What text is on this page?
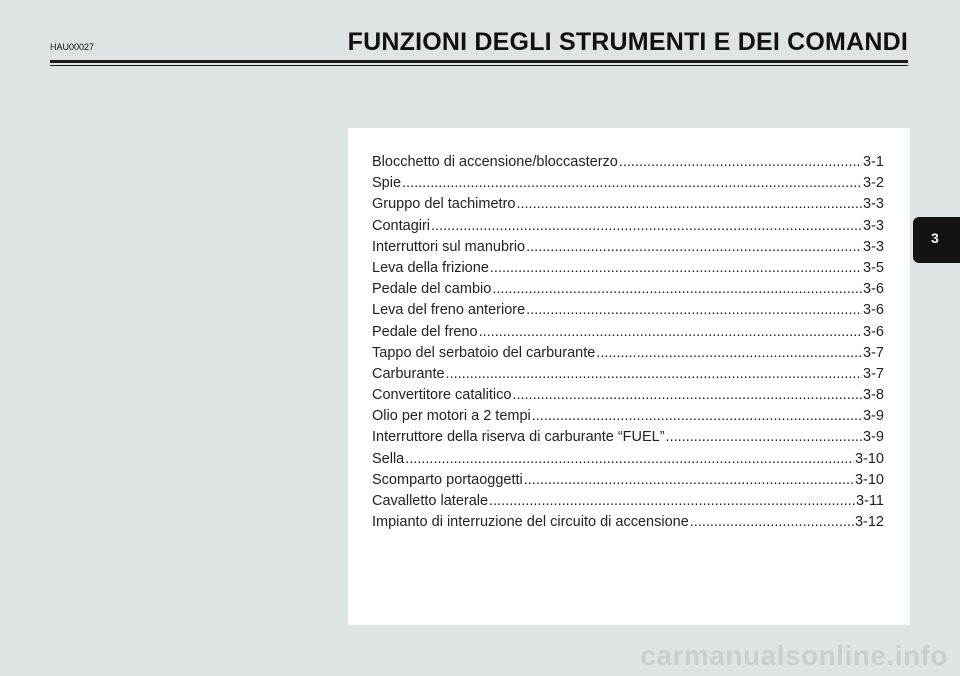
HAU00027	FUNZIONI DEGLI STRUMENTI E DEI COMANDI
Blocchetto di accensione/bloccasterzo .....	3-1
Spie .....	3-2
Gruppo del tachimetro .....	3-3
Contagiri .....	3-3
Interruttori sul manubrio .....	3-3
Leva della frizione .....	3-5
Pedale del cambio .....	3-6
Leva del freno anteriore .....	3-6
Pedale del freno .....	3-6
Tappo del serbatoio del carburante .....	3-7
Carburante .....	3-7
Convertitore catalitico .....	3-8
Olio per motori a 2 tempi .....	3-9
Interruttore della riserva di carburante “FUEL” .....	3-9
Sella .....	3-10
Scomparto portaoggetti .....	3-10
Cavalletto laterale .....	3-11
Impianto di interruzione del circuito di accensione .....	3-12
3
carmanualsonline.info
